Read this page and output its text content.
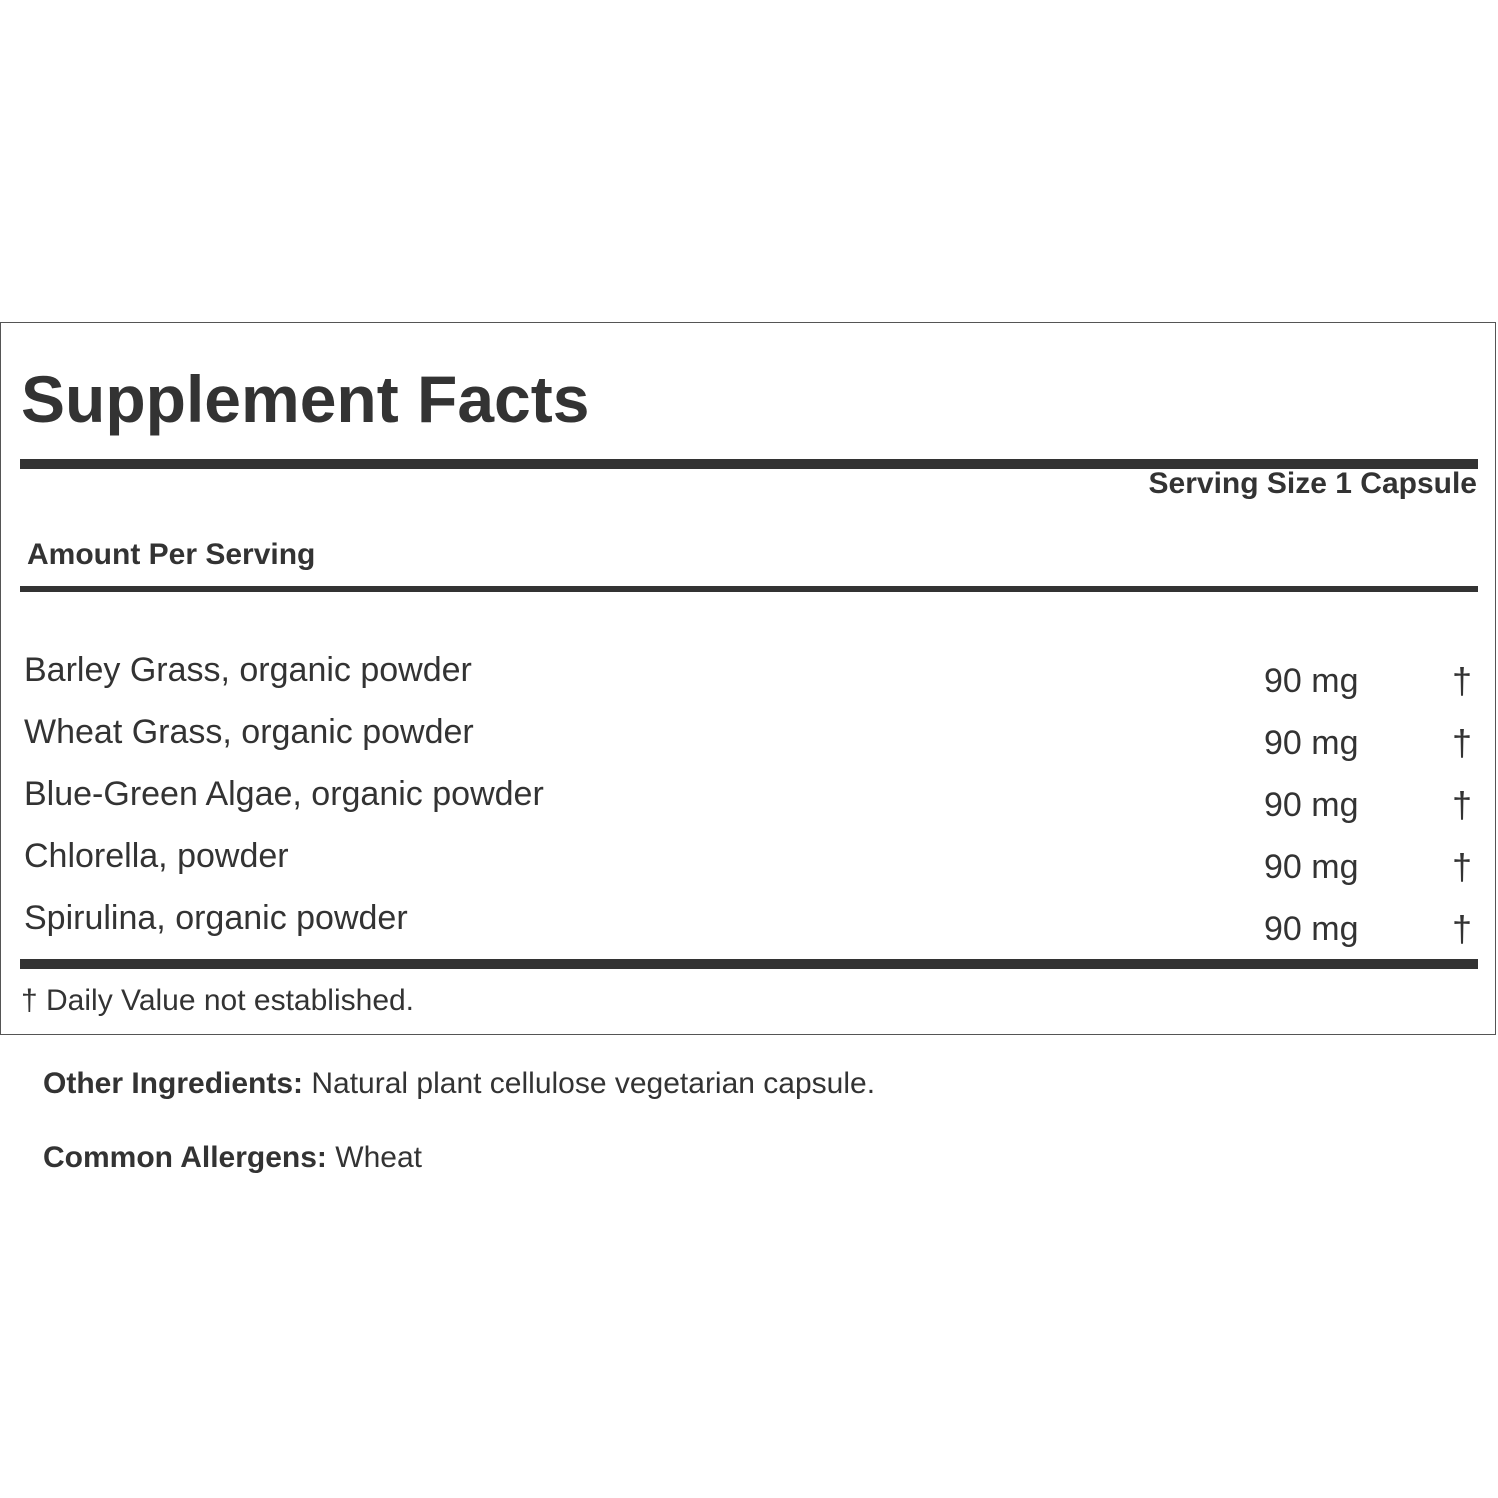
Supplement Facts
Serving Size 1 Capsule
Amount Per Serving
Barley Grass, organic powder	90 mg	†
Wheat Grass, organic powder	90 mg	†
Blue-Green Algae, organic powder	90 mg	†
Chlorella, powder	90 mg	†
Spirulina, organic powder	90 mg	†
† Daily Value not established.
Other Ingredients: Natural plant cellulose vegetarian capsule.
Common Allergens: Wheat
